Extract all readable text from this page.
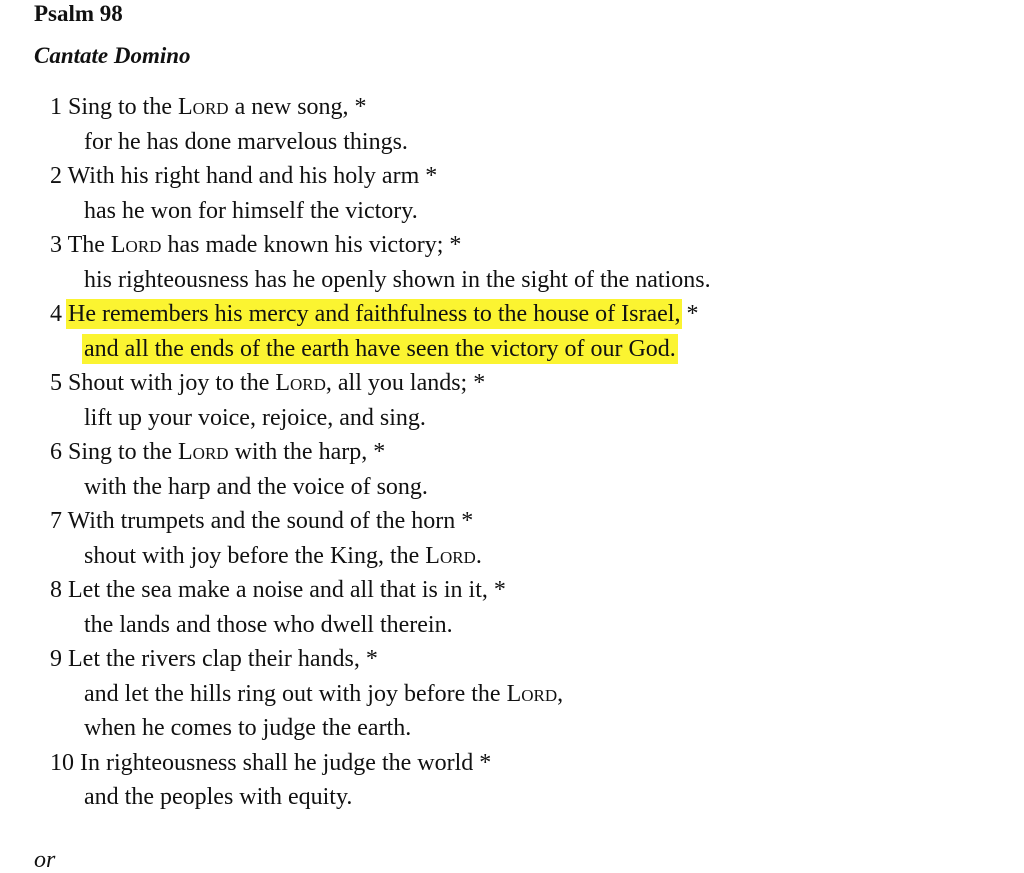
Psalm 98
Cantate Domino
1 Sing to the Lord a new song, *
for he has done marvelous things.
2 With his right hand and his holy arm *
has he won for himself the victory.
3 The Lord has made known his victory; *
his righteousness has he openly shown in the sight of the nations.
4 He remembers his mercy and faithfulness to the house of Israel, *
and all the ends of the earth have seen the victory of our God.
5 Shout with joy to the Lord, all you lands; *
lift up your voice, rejoice, and sing.
6 Sing to the Lord with the harp, *
with the harp and the voice of song.
7 With trumpets and the sound of the horn *
shout with joy before the King, the Lord.
8 Let the sea make a noise and all that is in it, *
the lands and those who dwell therein.
9 Let the rivers clap their hands, *
and let the hills ring out with joy before the Lord,
when he comes to judge the earth.
10 In righteousness shall he judge the world *
and the peoples with equity.
or
